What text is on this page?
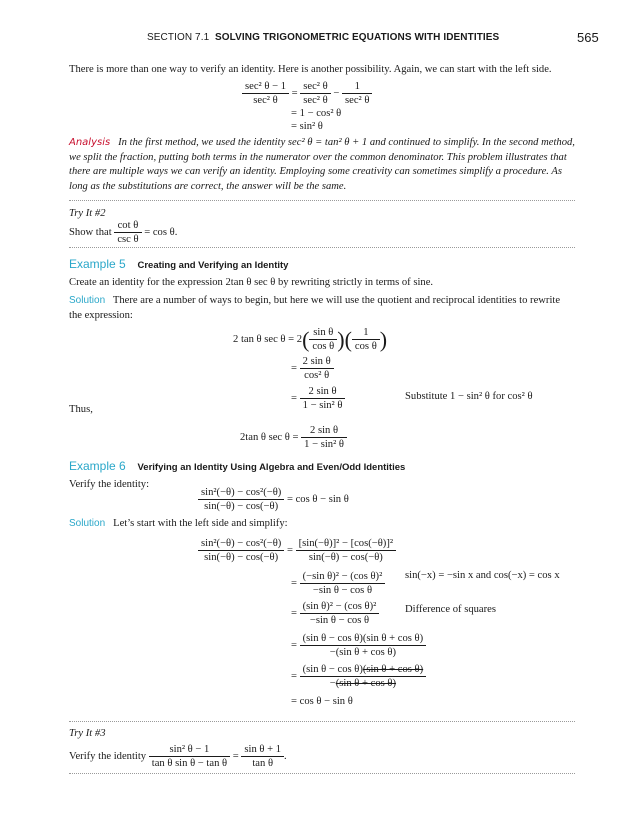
SECTION 7.1 SOLVING TRIGONOMETRIC EQUATIONS WITH IDENTITIES	565
There is more than one way to verify an identity. Here is another possibility. Again, we can start with the left side.
$\frac{\text{sec² θ − 1}}{\text{sec² θ}} = \frac{\text{sec² θ}}{\text{sec² θ}} - \frac{1}{\text{sec² θ}}$
= 1 − cos² θ
= sin² θ
Analysis In the first method, we used the identity sec² θ = tan² θ + 1 and continued to simplify. In the second method, we split the fraction, putting both terms in the numerator over the common denominator. This problem illustrates that there are multiple ways we can verify an identity. Employing some creativity can sometimes simplify a procedure. As long as the substitutions are correct, the answer will be the same.
Try It #2
Show that $\frac{\text{cot θ}}{\text{csc θ}} = \cos \theta$.
Example 5 Creating and Verifying an Identity
Create an identity for the expression 2tan θ sec θ by rewriting strictly in terms of sine.
Solution There are a number of ways to begin, but here we will use the quotient and reciprocal identities to rewrite the expression:
2 tan θ $\sec \theta = 2( \frac{\text{sin θ}}{\text{cos θ}}$ )( $\frac{1}{\text{cos θ}}$ )
= $\frac{\text{2 sin θ}}{\text{cos² θ}}$
= $\frac{\text{2 sin θ}}{\text{1 − sin² θ}}$	Substitute 1 − sin² θ for cos² θ
Thus,
2tan θ $\sec \theta = \frac{\text{2 sin θ}}{\text{1 − sin² θ}}$
Example 6 Verifying an Identity Using Algebra and Even/Odd Identities
Verify the identity:
$\frac{\text{sin²(−θ) − cos²(−θ)}}{\sin(-\theta) - \cos(-\theta)} = \cos \theta - \sin \theta$
Solution Let’s start with the left side and simplify:
$\frac{\text{sin²(−θ) − cos²(−θ)}}{\sin(-\theta) - \cos(-\theta)} = \frac{\text{[sin(−θ)]² − [cos(−θ)]²}}{\sin(-\theta) - \cos(-\theta)}$
= $\frac{\text{(−sin θ)² − (cos θ)²}}{\text{−sin θ − cos θ}} \sin(-x) = -\sin$ x and cos(−x) = cos x
= $\frac{\text{(sin θ)² − (cos θ)²}}{\text{−sin θ − cos θ}}$ Difference of squares
= $\frac{\text{(sin θ − cos θ)(sin θ + cos θ)}}{\text{−(sin θ + cos θ)}}$
= $\frac{\text{(sin θ − cos θ)(sin θ + cos θ)}}{\text{−(sin θ + cos θ)}}$
= cos θ − sin θ
Try It #3
Verify the identity $\frac{\text{sin² θ − 1}}{\text{tan θ sin θ − tan θ}} = \frac{\text{sin θ + 1}}{\text{tan θ}}$ .
